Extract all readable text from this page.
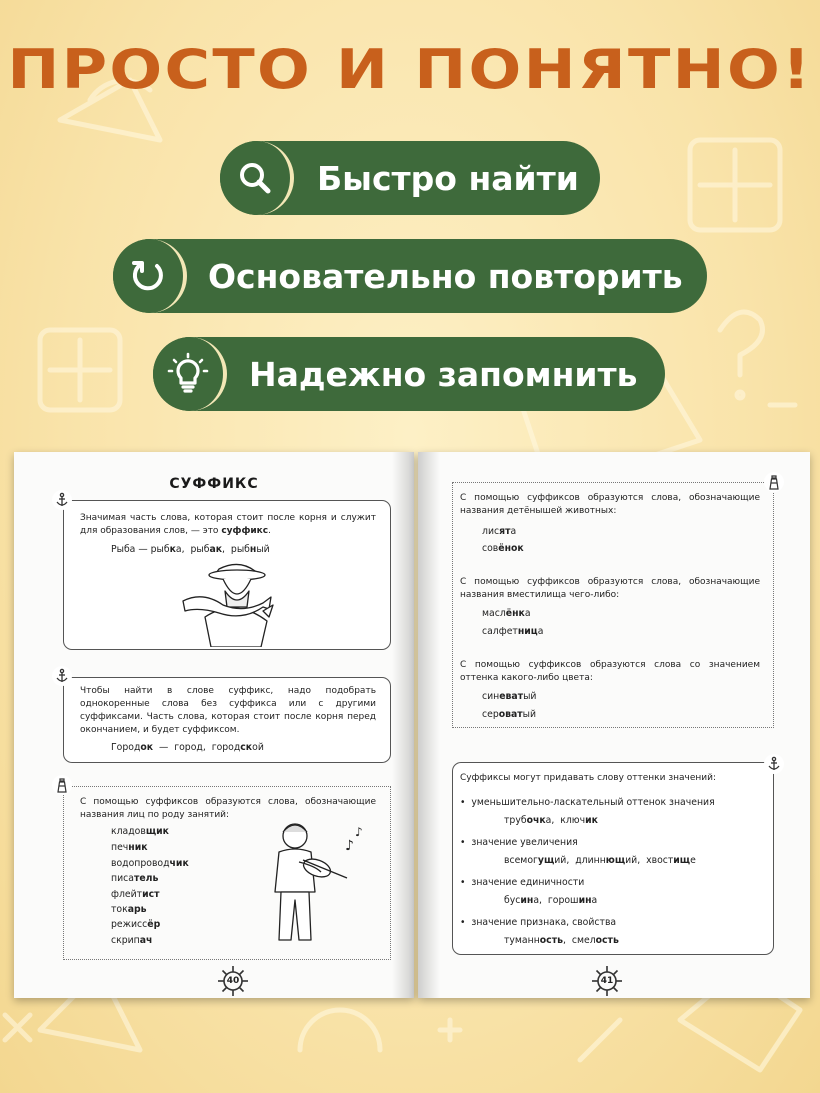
ПРОСТО И ПОНЯТНО!
Быстро найти
Основательно повторить
Надежно запомнить
СУФФИКС
Значимая часть слова, которая стоит после корня и служит для образования слов, — это суффикс.
Рыба — рыбка, рыбак, рыбный
Чтобы найти в слове суффикс, надо подобрать однокоренные слова без суффикса или с другими суффиксами. Часть слова, которая стоит после корня перед окончанием, и будет суффиксом.
Городок — город, городской
С помощью суффиксов образуются слова, обозначающие названия лиц по роду занятий:
кладовщик
печник
водопроводчик
писатель
флейтист
токарь
режиссёр
скрипач
♪
♪
40
С помощью суффиксов образуются слова, обозначающие названия детёнышей животных:
лисята
совёнок
С помощью суффиксов образуются слова, обозначающие названия вместилища чего-либо:
маслёнка
салфетница
С помощью суффиксов образуются слова со значением оттенка какого-либо цвета:
синеватый
сероватый
Суффиксы могут придавать слову оттенки значений:
•  уменьшительно-ласкательный оттенок значения
трубочка, ключик
•  значение увеличения
всемогущий, длиннющий, хвостище
•  значение единичности
бусина, горошина
•  значение признака, свойства
туманность, смелость
41
